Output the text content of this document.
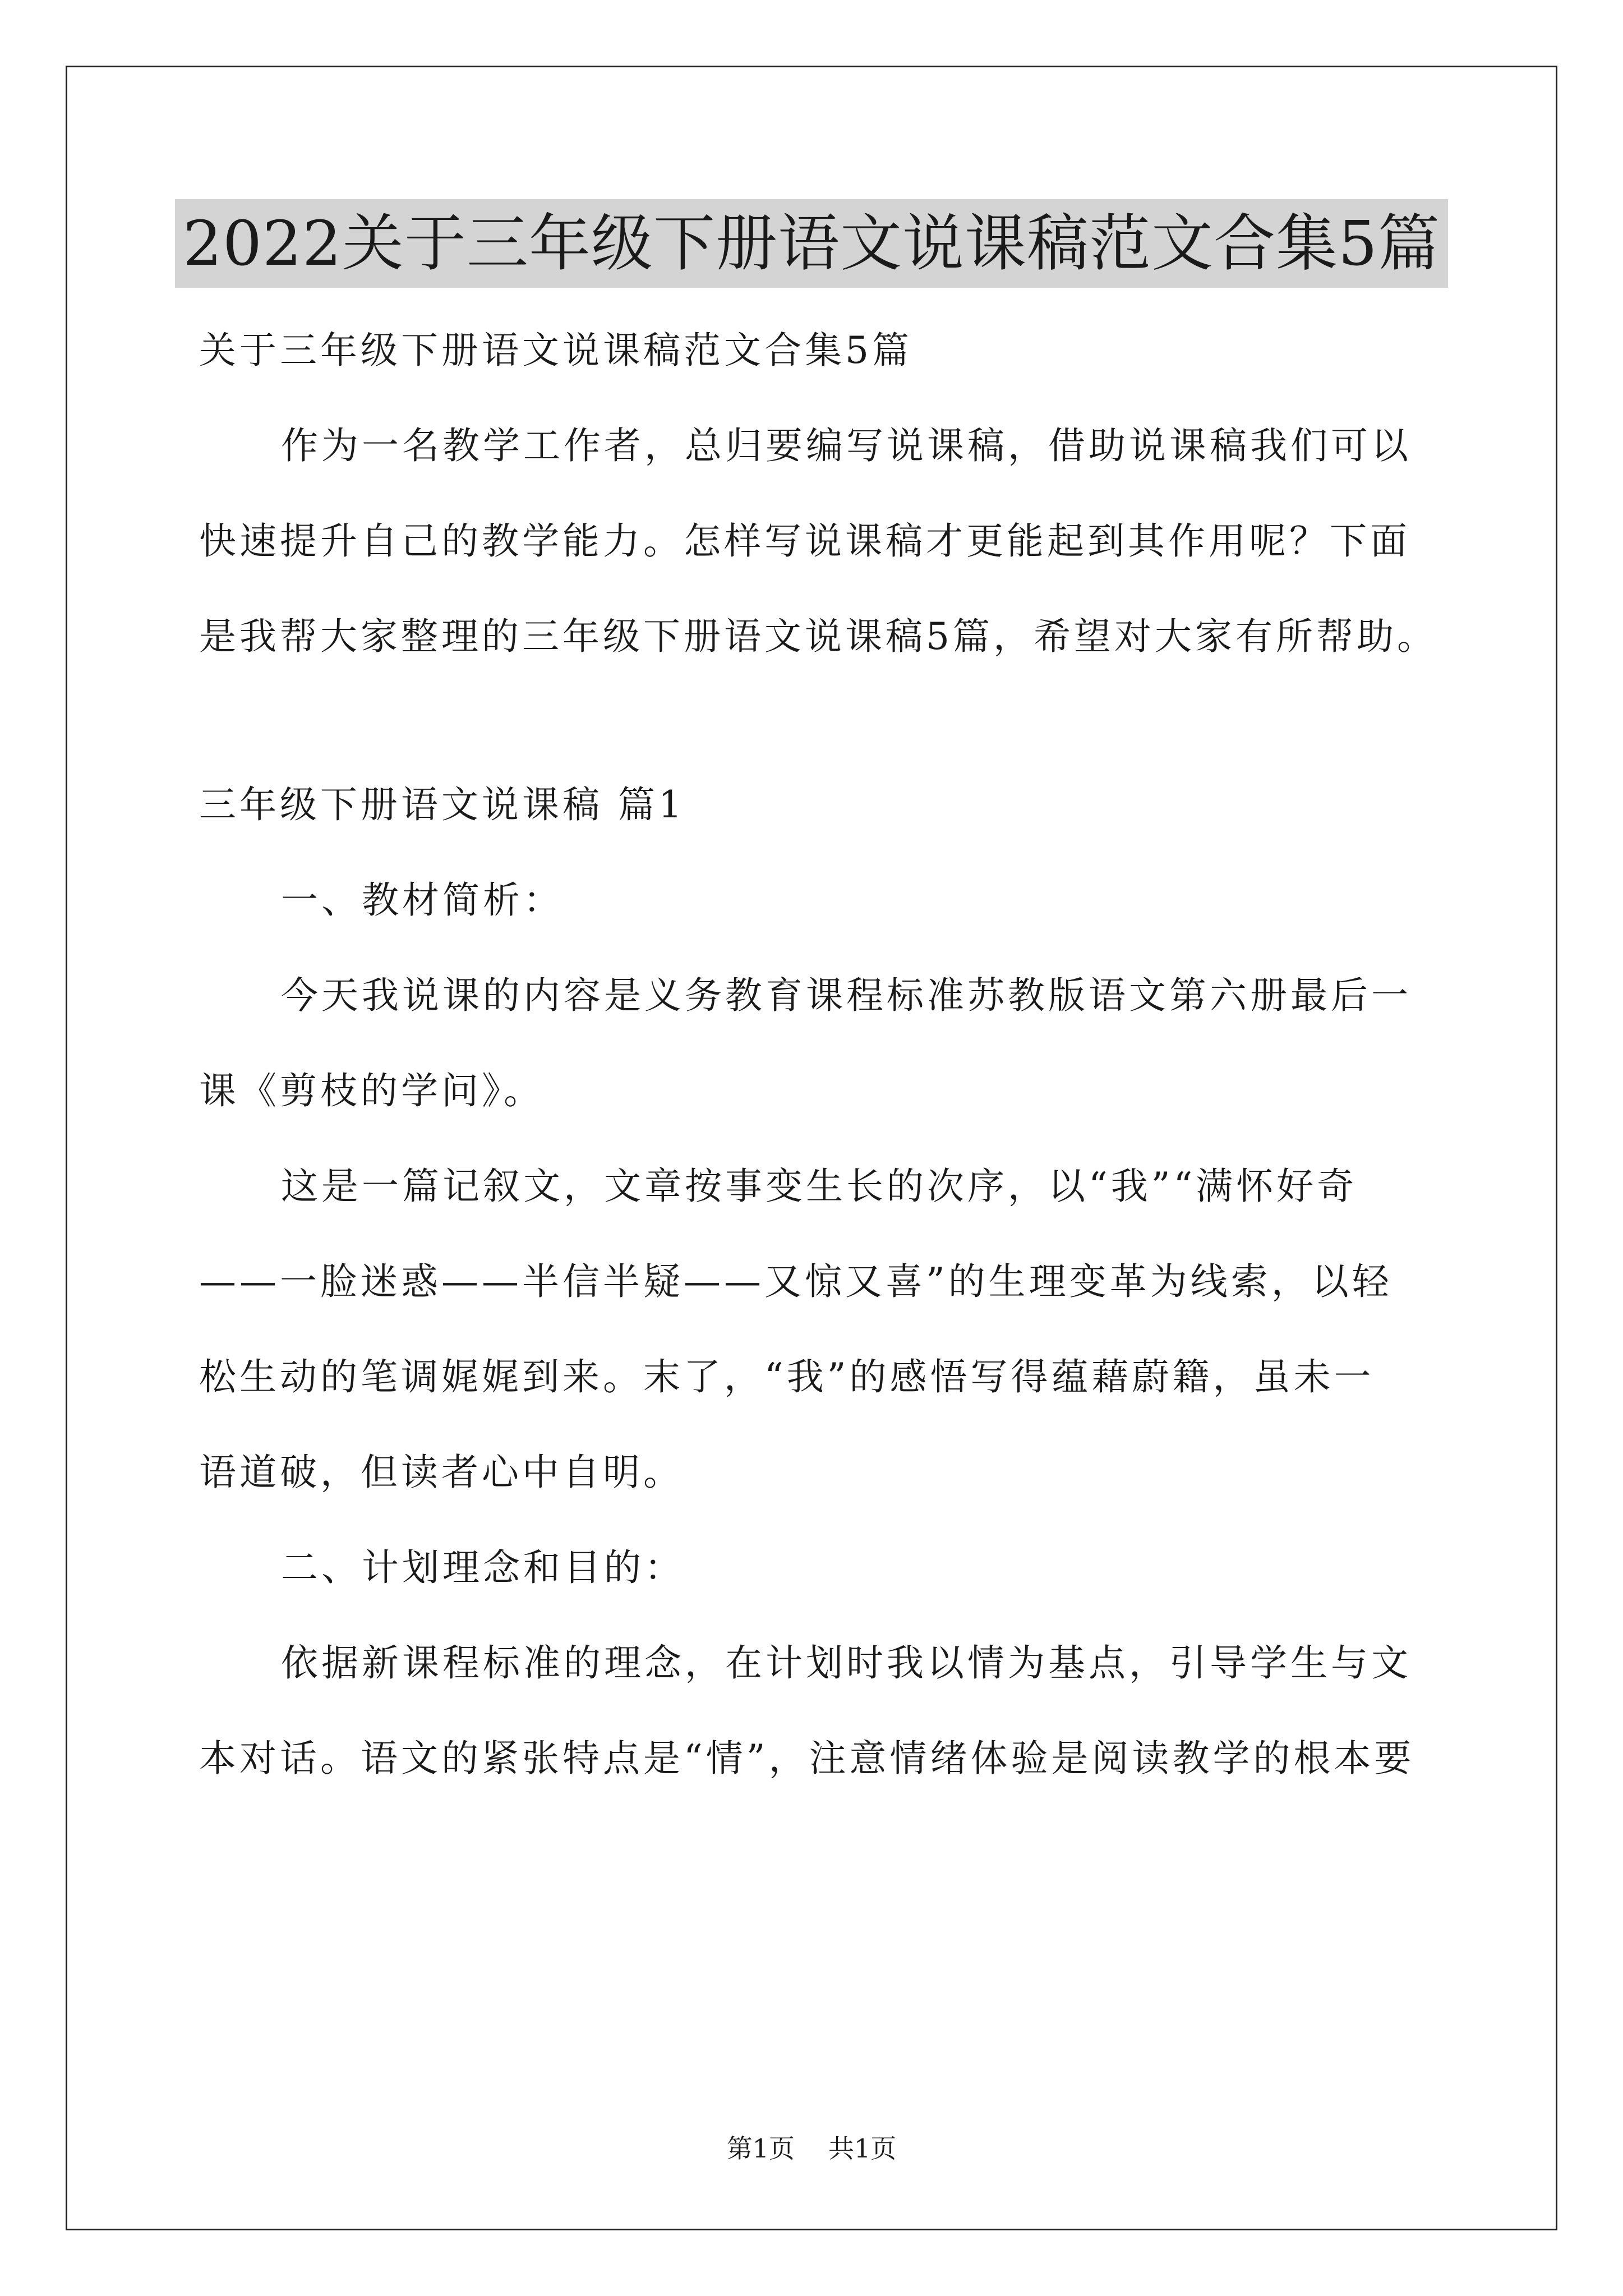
2022关于三年级下册语文说课稿范文合集5篇
关于三年级下册语文说课稿范文合集5篇
作为一名教学工作者，总归要编写说课稿，借助说课稿我们可以
快速提升自己的教学能力。怎样写说课稿才更能起到其作用呢？下面
是我帮大家整理的三年级下册语文说课稿5篇，希望对大家有所帮助。
三年级下册语文说课稿 篇1
一、教材简析：
今天我说课的内容是义务教育课程标准苏教版语文第六册最后一
课《剪枝的学问》。
这是一篇记叙文，文章按事变生长的次序，以“我”“满怀好奇
——一脸迷惑——半信半疑——又惊又喜”的生理变革为线索，以轻
松生动的笔调娓娓到来。末了，“我”的感悟写得蕴藉蔚籍，虽未一
语道破，但读者心中自明。
二、计划理念和目的：
依据新课程标准的理念，在计划时我以情为基点，引导学生与文
本对话。语文的紧张特点是“情”，注意情绪体验是阅读教学的根本要
第1页 共1页
